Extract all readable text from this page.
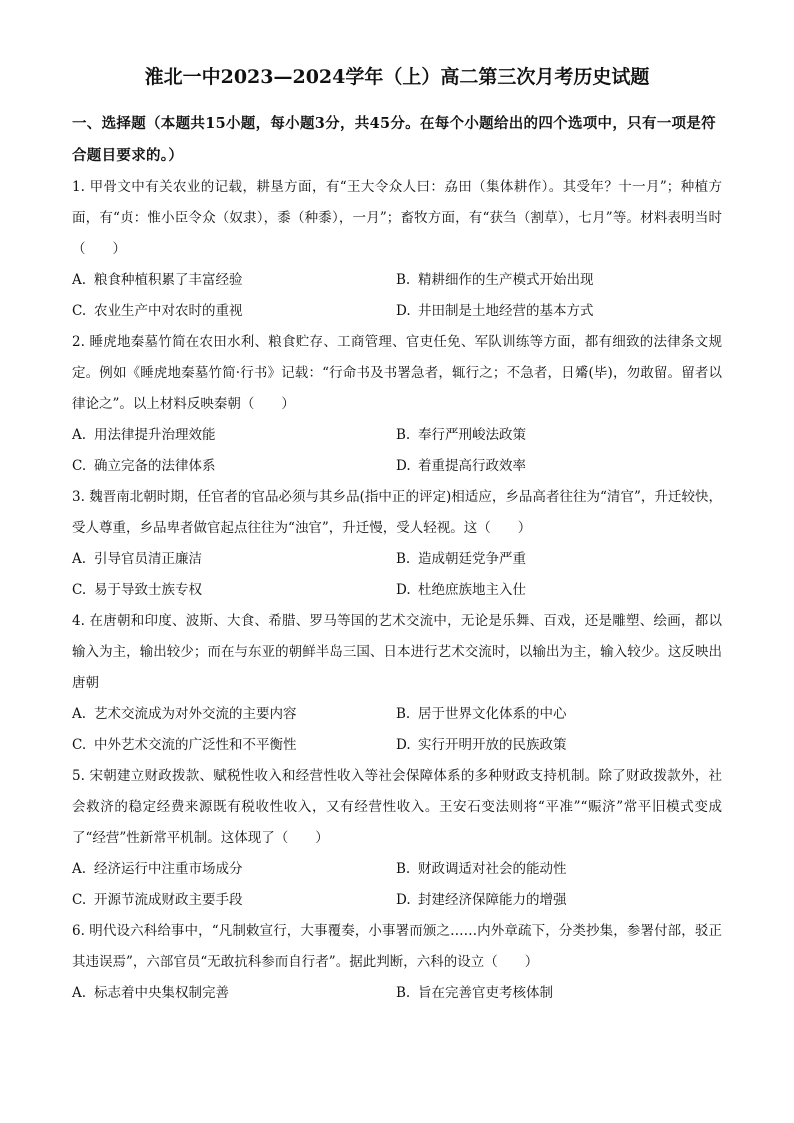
淮北一中2023—2024学年（上）高二第三次月考历史试题
一、选择题（本题共15小题，每小题3分，共45分。在每个小题给出的四个选项中，只有一项是符合题目要求的。）

1. 甲骨文中有关农业的记载，耕垦方面，有“王大令众人曰：劦田（集体耕作）。其受年？十一月”；种植方面，有“贞：惟小臣令众（奴隶），黍（种黍），一月”；畜牧方面，有“获刍（割草），七月”等。材料表明当时（　　）

A. 粮食种植积累了丰富经验	B. 精耕细作的生产模式开始出现
C. 农业生产中对农时的重视	D. 井田制是土地经营的基本方式

2. 睡虎地秦墓竹简在农田水利、粮食贮存、工商管理、官吏任免、军队训练等方面，都有细致的法律条文规定。例如《睡虎地秦墓竹简·行书》记载：“行命书及书署急者，辄行之；不急者，日觱(毕)，勿敢留。留者以律论之”。以上材料反映秦朝（　　）

A. 用法律提升治理效能	B. 奉行严刑峻法政策
C. 确立完备的法律体系	D. 着重提高行政效率

3. 魏晋南北朝时期，任官者的官品必须与其乡品(指中正的评定)相适应，乡品高者往往为“清官”，升迁较快，受人尊重，乡品卑者做官起点往往为“浊官”，升迁慢，受人轻视。这（　　）

A. 引导官员清正廉洁	B. 造成朝廷党争严重
C. 易于导致士族专权	D. 杜绝庶族地主入仕

4. 在唐朝和印度、波斯、大食、希腊、罗马等国的艺术交流中，无论是乐舞、百戏，还是雕塑、绘画，都以输入为主，输出较少；而在与东亚的朝鲜半岛三国、日本进行艺术交流时，以输出为主，输入较少。这反映出唐朝

A. 艺术交流成为对外交流的主要内容	B. 居于世界文化体系的中心
C. 中外艺术交流的广泛性和不平衡性	D. 实行开明开放的民族政策

5. 宋朝建立财政拨款、赋税性收入和经营性收入等社会保障体系的多种财政支持机制。除了财政拨款外，社会救济的稳定经费来源既有税收性收入，又有经营性收入。王安石变法则将“平准”“赈济”常平旧模式变成了“经营”性新常平机制。这体现了（　　）

A. 经济运行中注重市场成分	B. 财政调适对社会的能动性
C. 开源节流成财政主要手段	D. 封建经济保障能力的增强

6. 明代设六科给事中，“凡制敕宣行，大事覆奏，小事署而颁之……内外章疏下，分类抄集，参署付部，驳正其违误焉”，六部官员“无敢抗科参而自行者”。据此判断，六科的设立（　　）

A. 标志着中央集权制完善	B. 旨在完善官吏考核体制
